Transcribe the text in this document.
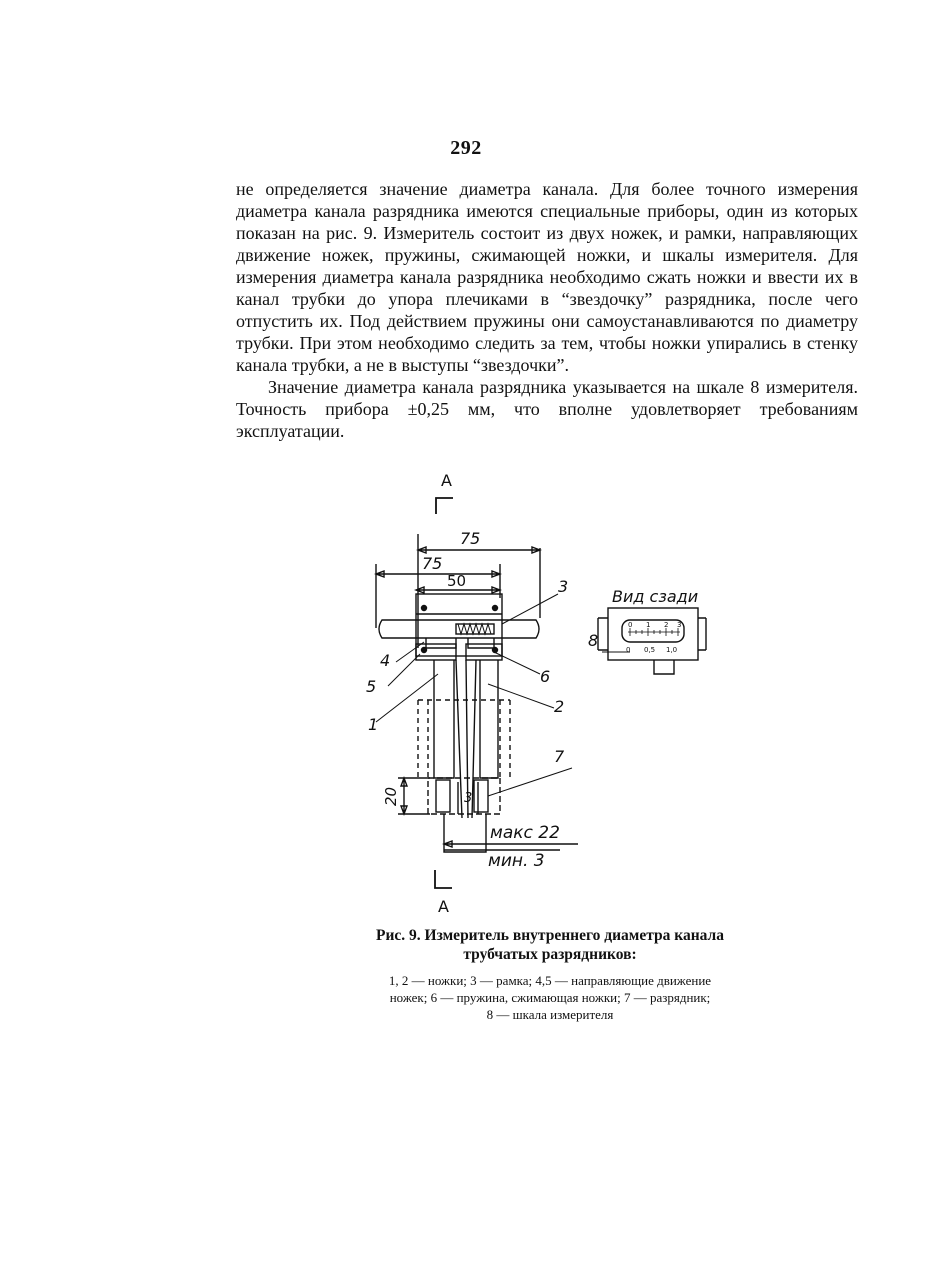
292

не определяется значение диаметра канала. Для более точного измерения диаметра канала разрядника имеются специальные приборы, один из которых показан на рис. 9. Измеритель состоит из двух ножек, и рамки, направляющих движение ножек, пружины, сжимающей ножки, и шкалы измерителя. Для измерения диаметра канала разрядника необходимо сжать ножки и ввести их в канал трубки до упора плечиками в “звездочку” разрядника, после чего отпустить их. Под действием пружины они самоустанавливаются по диаметру трубки. При этом необходимо следить за тем, чтобы ножки упирались в стенку канала трубки, а не в выступы “звездочки”.

Значение диаметра канала разрядника указывается на шкале 8 измерителя. Точность прибора ±0,25 мм, что вполне удовлетворяет требованиям эксплуатации.

А
75
75
50
20
макс 22
мин. 3
А
3
6
2
7
4
5
1
3
8
Вид сзади
0 1 2 3
0 0,5 1,0
Рис. 9. Измеритель внутреннего диаметра канала
трубчатых разрядников:
1, 2 — ножки; 3 — рамка; 4,5 — направляющие движение
ножек; 6 — пружина, сжимающая ножки; 7 — разрядник;
8 — шкала измерителя
